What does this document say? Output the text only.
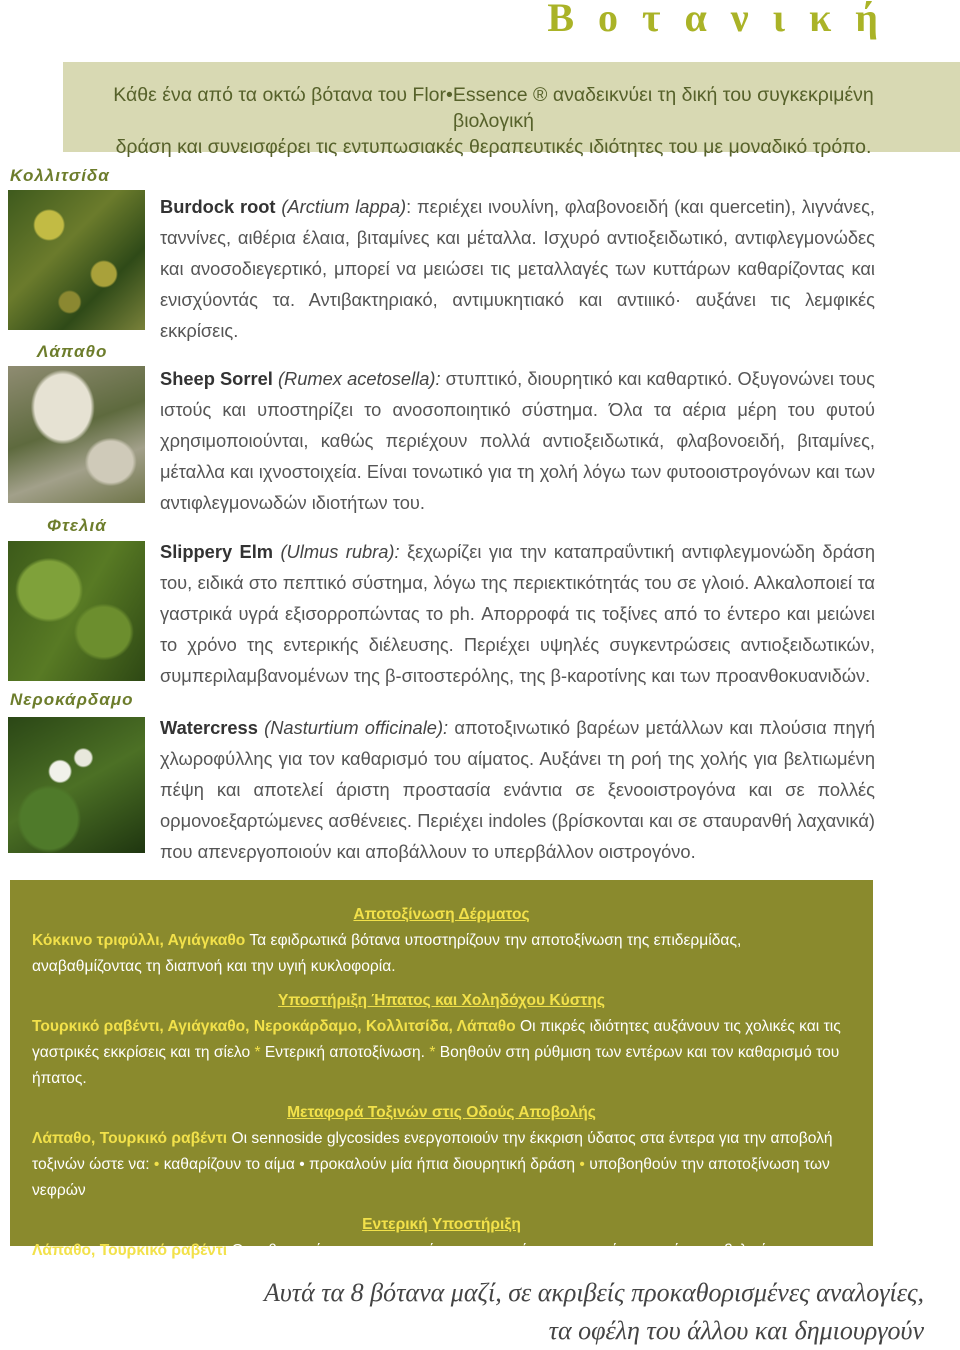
Βοτανική
Κάθε ένα από τα οκτώ βότανα του Flor•Essence ® αναδεικνύει τη δική του συγκεκριμένη βιολογική
δράση και συνεισφέρει τις εντυπωσιακές θεραπευτικές ιδιότητες του με μοναδικό τρόπο.
Κολλιτσίδα

Burdock root (Arctium lappa): περιέχει ινουλίνη, φλαβονοειδή (και quercetin), λιγνάνες, ταννίνες, αιθέρια έλαια, βιταμίνες και μέταλλα. Ισχυρό αντιοξειδωτικό, αντιφλεγμονώδες και ανοσοδιεγερτικό, μπορεί να μειώσει τις μεταλλαγές των κυττάρων καθαρίζοντας και ενισχύοντάς τα. Αντιβακτηριακό, αντιμυκητιακό και αντιιικό· αυξάνει τις λεμφικές εκκρίσεις.

Λάπαθο

Sheep Sorrel (Rumex acetosella): στυπτικό, διουρητικό και καθαρτικό. Οξυγονώνει τους ιστούς και υποστηρίζει το ανοσοποιητικό σύστημα. Όλα τα αέρια μέρη του φυτού χρησιμοποιούνται, καθώς περιέχουν πολλά αντιοξειδωτικά, φλαβονοειδή, βιταμίνες, μέταλλα και ιχνοστοιχεία. Είναι τονωτικό για τη χολή λόγω των φυτοοιστρογόνων και των αντιφλεγμονωδών ιδιοτήτων του.

Φτελιά

Slippery Elm (Ulmus rubra): ξεχωρίζει για την καταπραΰντική αντιφλεγμονώδη δράση του, ειδικά στο πεπτικό σύστημα, λόγω της περιεκτικότητάς του σε γλοιό. Αλκαλοποιεί τα γαστρικά υγρά εξισορροπώντας το ph. Απορροφά τις τοξίνες από το έντερο και μειώνει το χρόνο της εντερικής διέλευσης. Περιέχει υψηλές συγκεντρώσεις αντιοξειδωτικών, συμπεριλαμβανομένων της β-σιτοστερόλης, της β-καροτίνης και των προανθοκυανιδών.

Νεροκάρδαμο

Watercress (Nasturtium officinale): αποτοξινωτικό βαρέων μετάλλων και πλούσια πηγή χλωροφύλλης για τον καθαρισμό του αίματος. Αυξάνει τη ροή της χολής για βελτιωμένη πέψη και αποτελεί άριστη προστασία ενάντια σε ξενοοιστρογόνα και σε πολλές ορμονοεξαρτώμενες ασθένειες. Περιέχει indoles (βρίσκονται και σε σταυρανθή λαχανικά) που απενεργοποιούν και αποβάλλουν το υπερβάλλον οιστρογόνο.

Αποτοξίνωση Δέρματος

Κόκκινο τριφύλλι, Αγιάγκαθο Τα εφιδρωτικά βότανα υποστηρίζουν την αποτοξίνωση της επιδερμίδας, αναβαθμίζοντας τη διαπνοή και την υγιή κυκλοφορία.

Υποστήριξη Ήπατος και Χοληδόχου Κύστης

Τουρκικό ραβέντι, Αγιάγκαθο, Νεροκάρδαμο, Κολλιτσίδα, Λάπαθο Οι πικρές ιδιότητες αυξάνουν τις χολικές και τις γαστρικές εκκρίσεις και τη σίελο * Εντερική αποτοξίνωση. * Βοηθούν στη ρύθμιση των εντέρων και τον καθαρισμό του ήπατος.

Μεταφορά Τοξινών στις Οδούς Αποβολής

Λάπαθο, Τουρκικό ραβέντι Οι sennoside glycosides ενεργοποιούν την έκκριση ύδατος στα έντερα για την αποβολή τοξινών ώστε να: • καθαρίζουν το αίμα • προκαλούν μία ήπια διουρητική δράση • υποβοηθούν την αποτοξίνωση των νεφρών

Εντερική Υποστήριξη

Λάπαθο, Τουρκικό ραβέντι Οι ανθρακινόνες ενεργοποιούν την κινητικότητα του εντέρου και έτσι να βελτιώνουν την αποβολή

Αυτά τα 8 βότανα μαζί, σε ακριβείς προκαθορισμένες αναλογίες,
τα οφέλη του άλλου και δημιουργούν
